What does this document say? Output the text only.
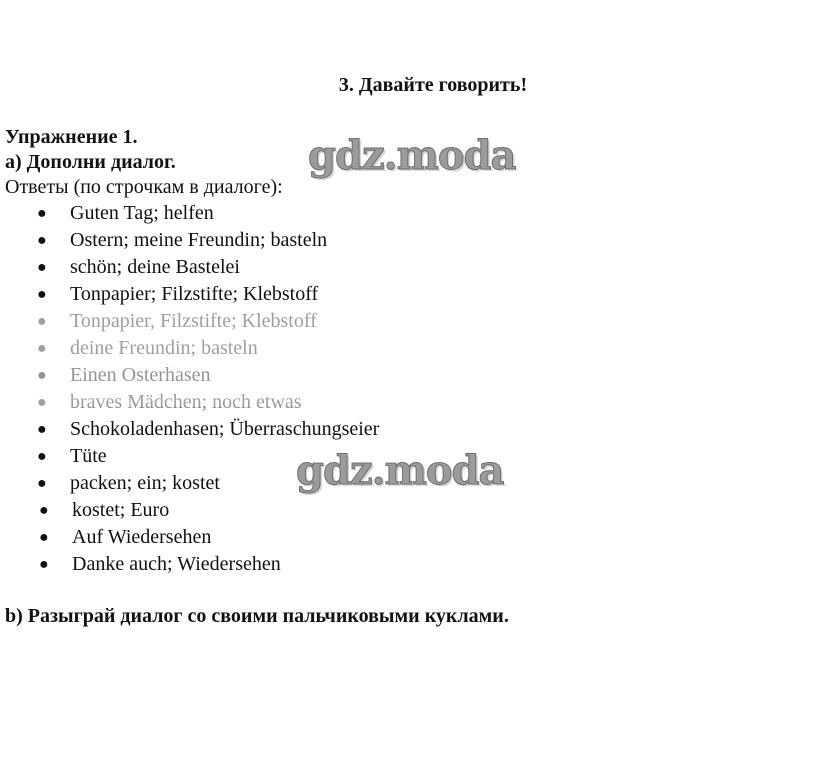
3. Давайте говорить!
Упражнение 1.
а) Дополни диалог.
Ответы (по строчкам в диалоге):
● Guten Tag; helfen
● Ostern; meine Freundin; basteln
● schön; deine Bastelei
● Tonpapier; Filzstifte; Klebstoff
● Schokoladenhasen; Überraschungseier
● Tüte
● packen; ein; kostet
● kostet; Euro
● Auf Wiedersehen
● Danke auch; Wiedersehen
b) Разыграй диалог со своими пальчиковыми куклами.
gdz.moda
gdz.moda
